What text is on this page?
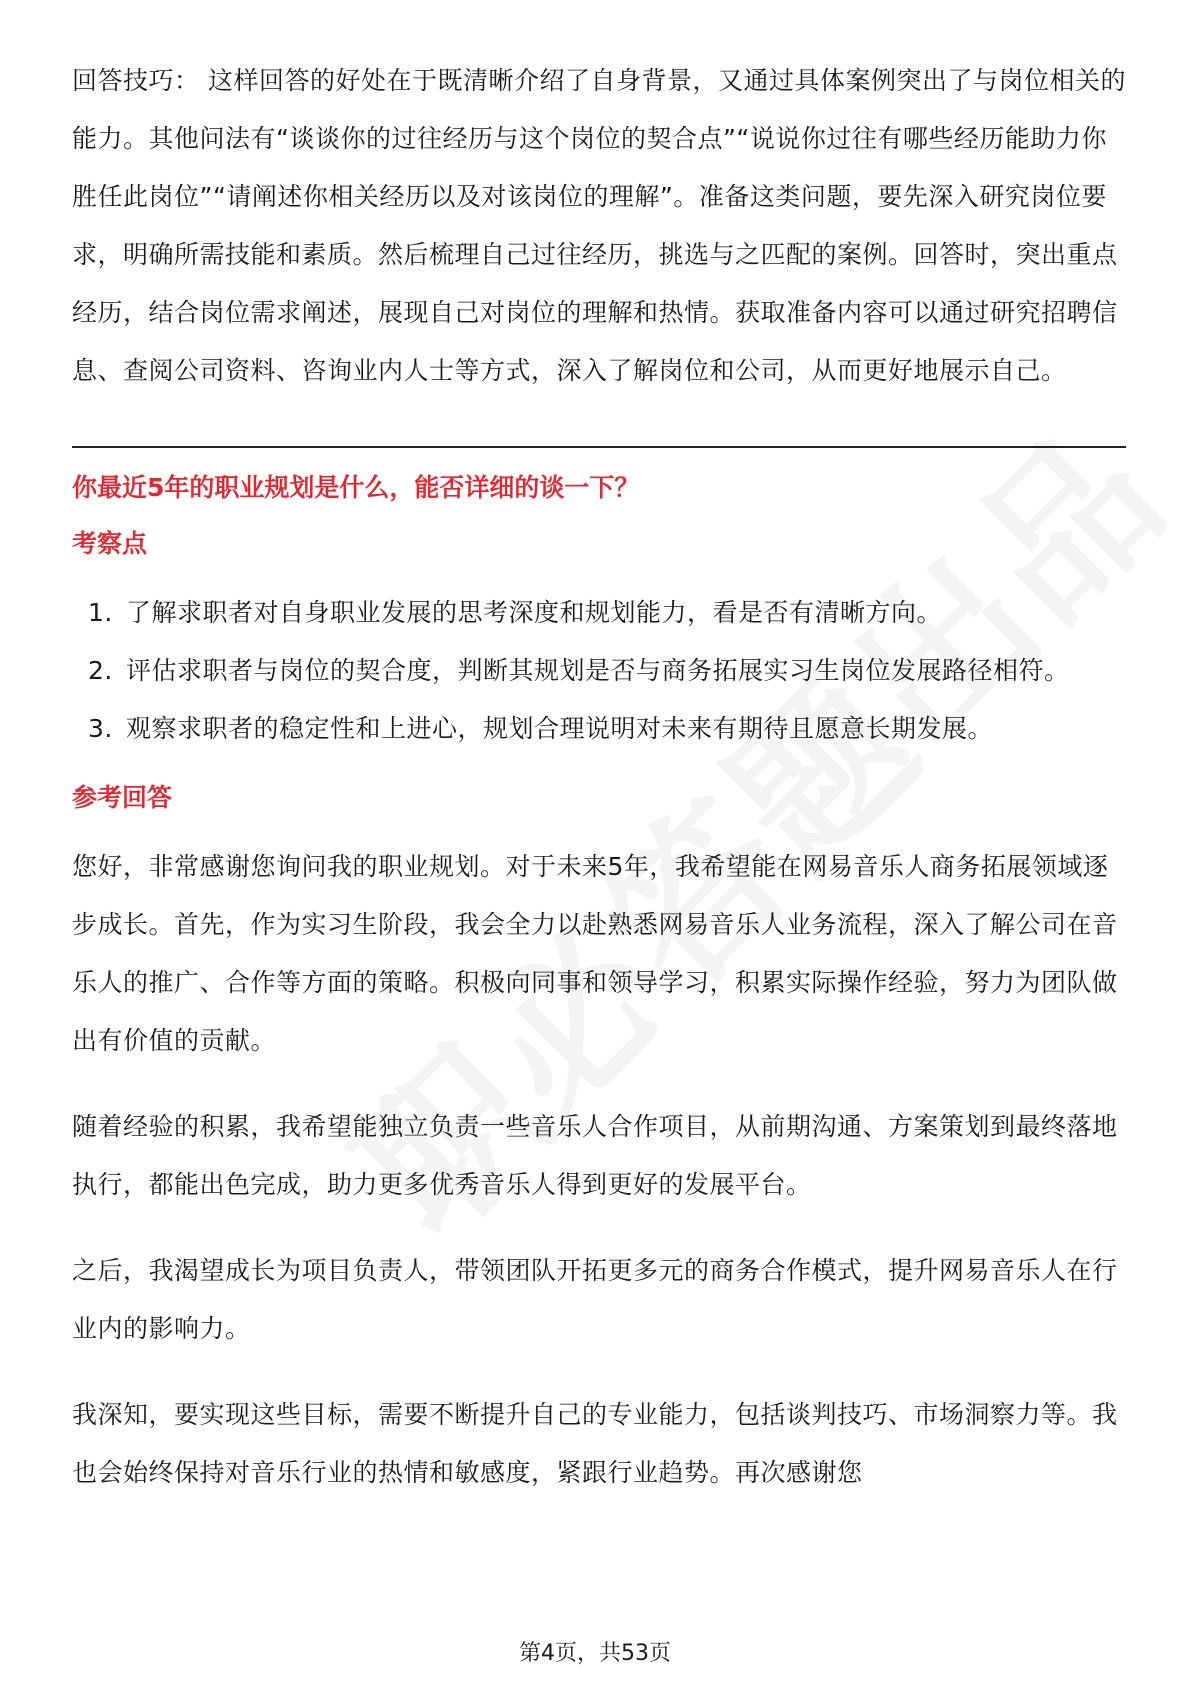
回答技巧： 这样回答的好处在于既清晰介绍了自身背景，又通过具体案例突出了与岗位相关的能力。其他问法有“谈谈你的过往经历与这个岗位的契合点”“说说你过往有哪些经历能助力你胜任此岗位”“请阐述你相关经历以及对该岗位的理解”。准备这类问题，要先深入研究岗位要求，明确所需技能和素质。然后梳理自己过往经历，挑选与之匹配的案例。回答时，突出重点经历，结合岗位需求阐述，展现自己对岗位的理解和热情。获取准备内容可以通过研究招聘信息、查阅公司资料、咨询业内人士等方式，深入了解岗位和公司，从而更好地展示自己。

你最近5年的职业规划是什么，能否详细的谈一下？

考察点

1. 了解求职者对自身职业发展的思考深度和规划能力，看是否有清晰方向。
2. 评估求职者与岗位的契合度，判断其规划是否与商务拓展实习生岗位发展路径相符。
3. 观察求职者的稳定性和上进心，规划合理说明对未来有期待且愿意长期发展。

参考回答

您好，非常感谢您询问我的职业规划。对于未来5年，我希望能在网易音乐人商务拓展领域逐步成长。首先，作为实习生阶段，我会全力以赴熟悉网易音乐人业务流程，深入了解公司在音乐人的推广、合作等方面的策略。积极向同事和领导学习，积累实际操作经验，努力为团队做出有价值的贡献。

随着经验的积累，我希望能独立负责一些音乐人合作项目，从前期沟通、方案策划到最终落地执行，都能出色完成，助力更多优秀音乐人得到更好的发展平台。

之后，我渴望成长为项目负责人，带领团队开拓更多元的商务合作模式，提升网易音乐人在行业内的影响力。

我深知，要实现这些目标，需要不断提升自己的专业能力，包括谈判技巧、市场洞察力等。我也会始终保持对音乐行业的热情和敏感度，紧跟行业趋势。再次感谢您

第4页，共53页
